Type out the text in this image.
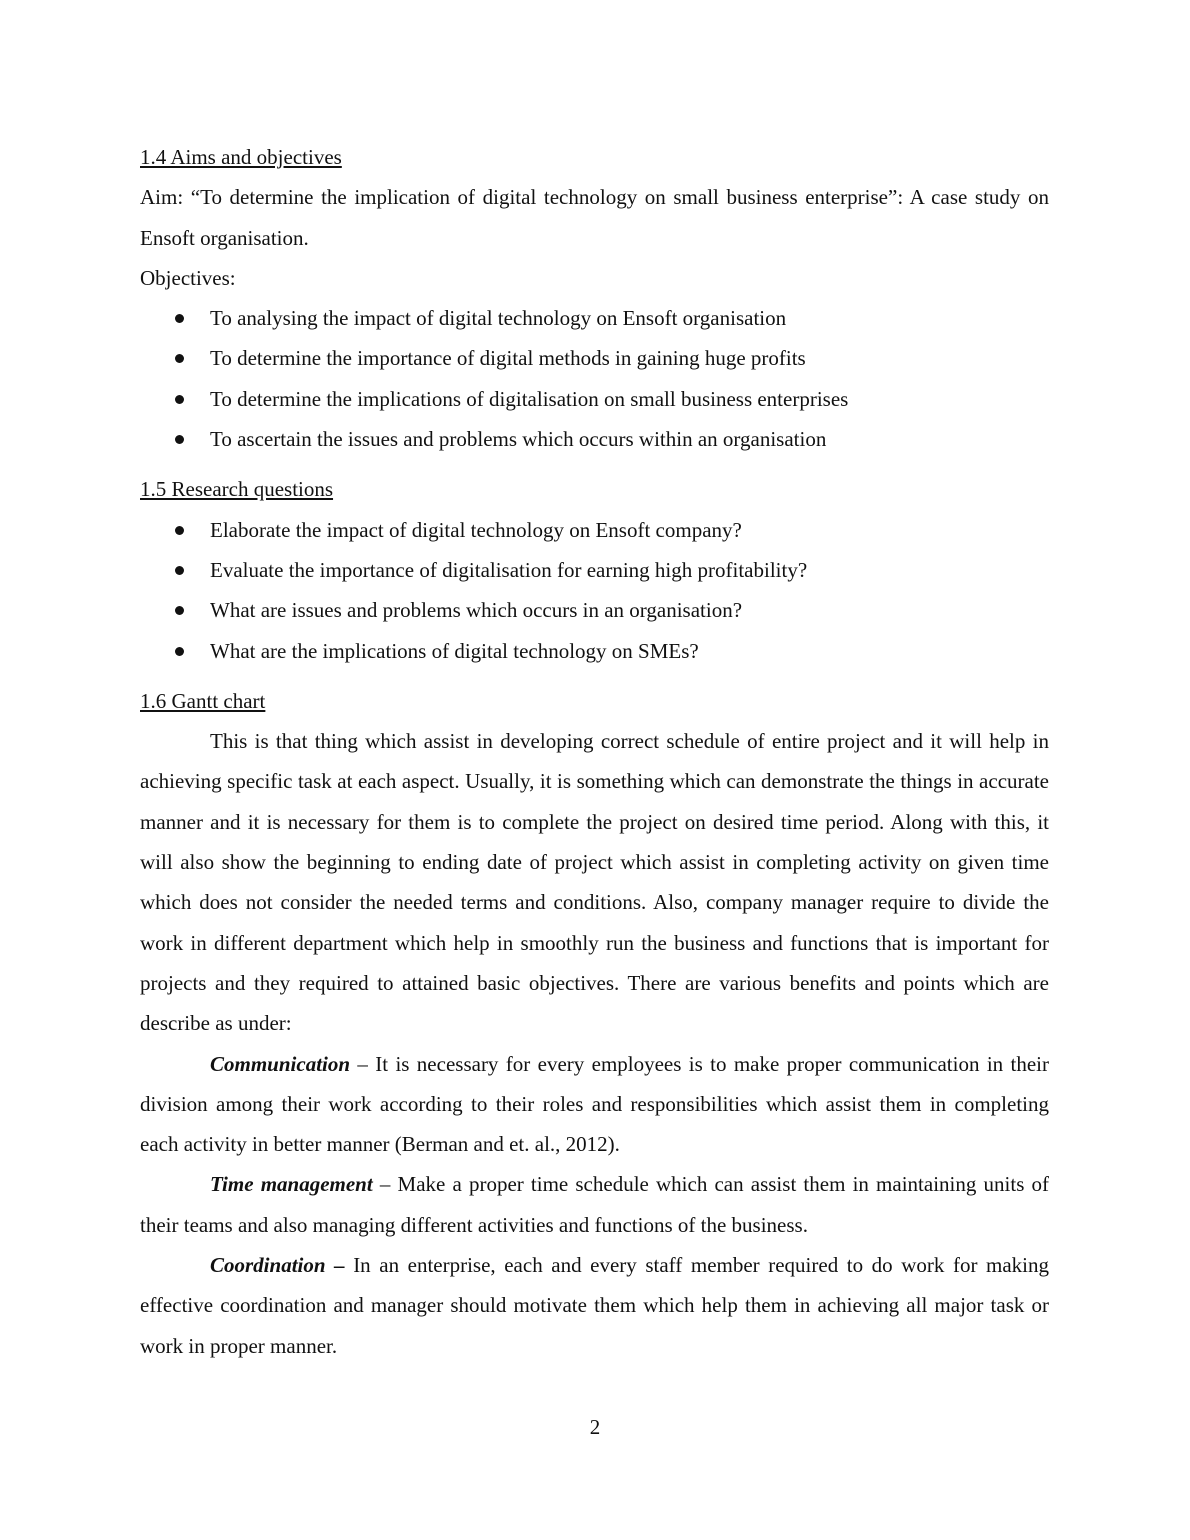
1.4 Aims and objectives

Aim: “To determine the implication of digital technology on small business enterprise”: A case study on Ensoft organisation.

Objectives:

To analysing the impact of digital technology on Ensoft organisation
To determine the importance of digital methods in gaining huge profits
To determine the implications of digitalisation on small business enterprises
To ascertain the issues and problems which occurs within an organisation

1.5 Research questions

Elaborate the impact of digital technology on Ensoft company?
Evaluate the importance of digitalisation for earning high profitability?
What are issues and problems which occurs in an organisation?
What are the implications of digital technology on SMEs?

1.6 Gantt chart

This is that thing which assist in developing correct schedule of entire project and it will help in achieving specific task at each aspect. Usually, it is something which can demonstrate the things in accurate manner and it is necessary for them is to complete the project on desired time period. Along with this, it will also show the beginning to ending date of project which assist in completing activity on given time which does not consider the needed terms and conditions. Also, company manager require to divide the work in different department which help in smoothly run the business and functions that is important for projects and they required to attained basic objectives. There are various benefits and points which are describe as under:

Communication – It is necessary for every employees is to make proper communication in their division among their work according to their roles and responsibilities which assist them in completing each activity in better manner (Berman and et. al., 2012).

Time management – Make a proper time schedule which can assist them in maintaining units of their teams and also managing different activities and functions of the business.

Coordination – In an enterprise, each and every staff member required to do work for making effective coordination and manager should motivate them which help them in achieving all major task or work in proper manner.

2
